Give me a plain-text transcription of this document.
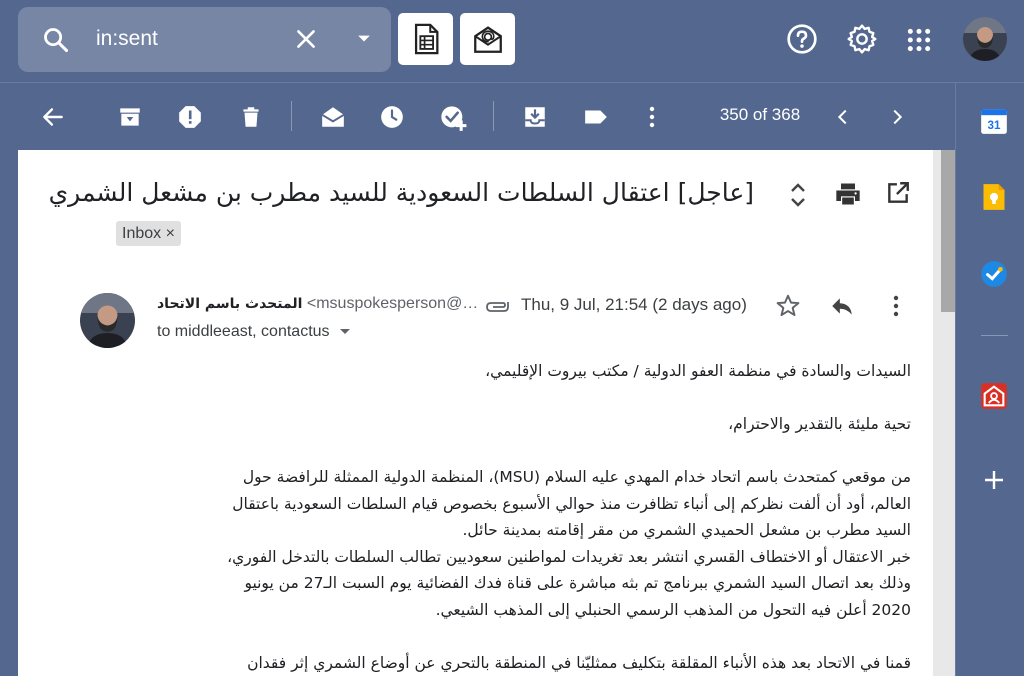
in:sent
350 of 368
31
[عاجل] اعتقال السلطات السعودية للسيد مطرب بن مشعل الشمري
Inbox ×
المتحدث باسم الاتحاد <msuspokesperson@…	Thu, 9 Jul, 21:54 (2 days ago)
to middleeast, contactus

السيدات والسادة في منظمة العفو الدولية / مكتب بيروت الإقليمي،

تحية مليئة بالتقدير والاحترام،

من موقعي كمتحدث باسم اتحاد خدام المهدي عليه السلام (MSU)، المنظمة الدولية الممثلة للرافضة حول

العالم، أود أن ألفت نظركم إلى أنباء تظافرت منذ حوالي الأسبوع بخصوص قيام السلطات السعودية باعتقال

السيد مطرب بن مشعل الحميدي الشمري من مقر إقامته بمدينة حائل.

خبر الاعتقال أو الاختطاف القسري انتشر بعد تغريدات لمواطنين سعوديين تطالب السلطات بالتدخل الفوري،

وذلك بعد اتصال السيد الشمري ببرنامج تم بثه مباشرة على قناة فدك الفضائية يوم السبت الـ27 من يونيو

2020 أعلن فيه التحول من المذهب الرسمي الحنبلي إلى المذهب الشيعي.

قمنا في الاتحاد بعد هذه الأنباء المقلقة بتكليف ممثليّنا في المنطقة بالتحري عن أوضاع الشمري إثر فقدان
